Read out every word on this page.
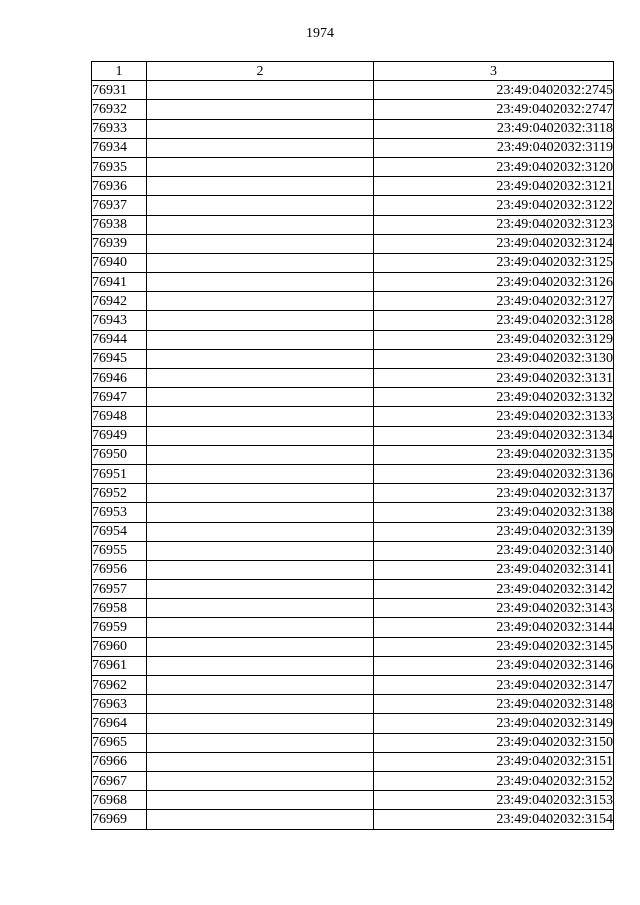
1974
1	2	3
76931		23:49:0402032:2745
76932		23:49:0402032:2747
76933		23:49:0402032:3118
76934		23:49:0402032:3119
76935		23:49:0402032:3120
76936		23:49:0402032:3121
76937		23:49:0402032:3122
76938		23:49:0402032:3123
76939		23:49:0402032:3124
76940		23:49:0402032:3125
76941		23:49:0402032:3126
76942		23:49:0402032:3127
76943		23:49:0402032:3128
76944		23:49:0402032:3129
76945		23:49:0402032:3130
76946		23:49:0402032:3131
76947		23:49:0402032:3132
76948		23:49:0402032:3133
76949		23:49:0402032:3134
76950		23:49:0402032:3135
76951		23:49:0402032:3136
76952		23:49:0402032:3137
76953		23:49:0402032:3138
76954		23:49:0402032:3139
76955		23:49:0402032:3140
76956		23:49:0402032:3141
76957		23:49:0402032:3142
76958		23:49:0402032:3143
76959		23:49:0402032:3144
76960		23:49:0402032:3145
76961		23:49:0402032:3146
76962		23:49:0402032:3147
76963		23:49:0402032:3148
76964		23:49:0402032:3149
76965		23:49:0402032:3150
76966		23:49:0402032:3151
76967		23:49:0402032:3152
76968		23:49:0402032:3153
76969		23:49:0402032:3154
